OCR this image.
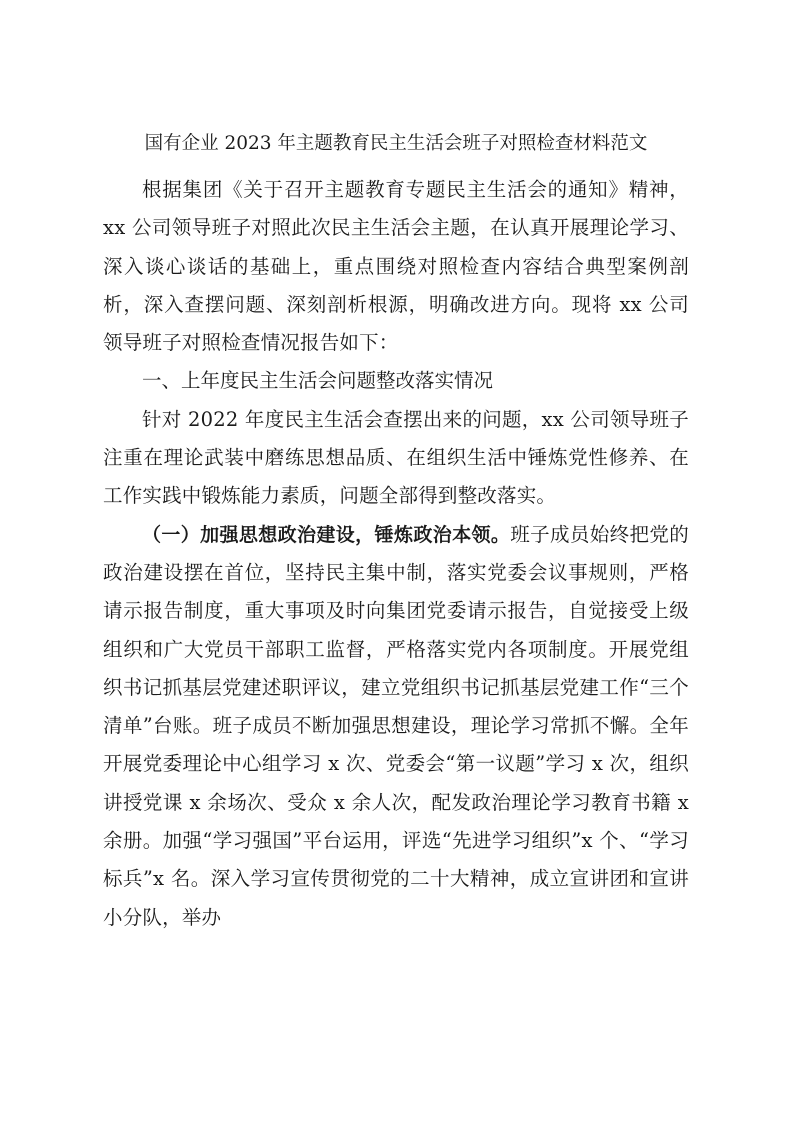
国有企业 2023 年主题教育民主生活会班子对照检查材料范文

根据集团《关于召开主题教育专题民主生活会的通知》精神，xx 公司领导班子对照此次民主生活会主题，在认真开展理论学习、深入谈心谈话的基础上，重点围绕对照检查内容结合典型案例剖析，深入查摆问题、深刻剖析根源，明确改进方向。现将 xx 公司领导班子对照检查情况报告如下：

一、上年度民主生活会问题整改落实情况

针对 2022 年度民主生活会查摆出来的问题，xx 公司领导班子注重在理论武装中磨练思想品质、在组织生活中锤炼党性修养、在工作实践中锻炼能力素质，问题全部得到整改落实。

（一）加强思想政治建设，锤炼政治本领。班子成员始终把党的政治建设摆在首位，坚持民主集中制，落实党委会议事规则，严格请示报告制度，重大事项及时向集团党委请示报告，自觉接受上级组织和广大党员干部职工监督，严格落实党内各项制度。开展党组织书记抓基层党建述职评议，建立党组织书记抓基层党建工作“三个清单”台账。班子成员不断加强思想建设，理论学习常抓不懈。全年开展党委理论中心组学习 x 次、党委会“第一议题”学习 x 次，组织讲授党课 x 余场次、受众 x 余人次，配发政治理论学习教育书籍 x 余册。加强“学习强国”平台运用，评选“先进学习组织”x 个、“学习标兵”x 名。深入学习宣传贯彻党的二十大精神，成立宣讲团和宣讲小分队，举办
